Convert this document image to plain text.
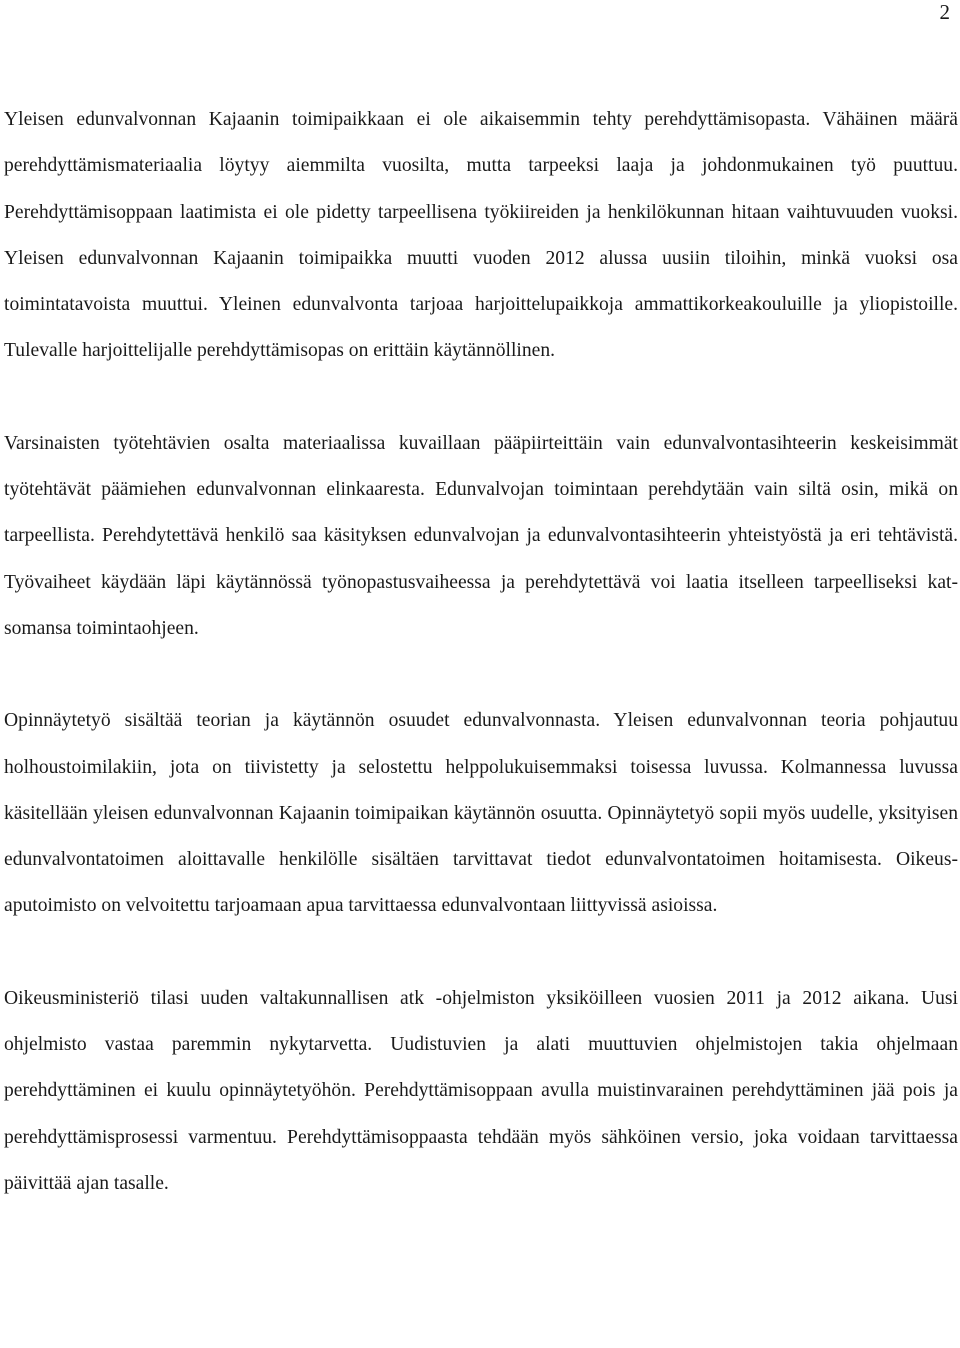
2

Yleisen edunvalvonnan Kajaanin toimipaikkaan ei ole aikaisemmin tehty perehdyttämisopasta. Vähäinen määrä perehdyttämismateriaalia löytyy aiemmilta vuosilta, mutta tarpeeksi laaja ja johdonmukainen työ puuttuu. Perehdyttämisoppaan laatimista ei ole pidetty tarpeellisena työkiireiden ja henkilökunnan hitaan vaihtuvuuden vuoksi. Yleisen edunvalvonnan Kajaanin toimipaikka muutti vuoden 2012 alussa uusiin tiloihin, minkä vuoksi osa toimintatavoista muuttui. Yleinen edunvalvonta tarjoaa harjoittelupaikkoja ammattikorkeakouluille ja yliopistoille. Tulevalle harjoittelijalle perehdyttämisopas on erittäin käytännöllinen.

Varsinaisten työtehtävien osalta materiaalissa kuvaillaan pääpiirteittäin vain edunvalvontasihteerin keskeisimmät työtehtävät päämiehen edunvalvonnan elinkaaresta. Edunvalvojan toimintaan perehdytään vain siltä osin, mikä on tarpeellista. Perehdytettävä henkilö saa käsityksen edunvalvojan ja edunvalvontasihteerin yhteistyöstä ja eri tehtävistä. Työvaiheet käydään läpi käytännössä työnopastusvaiheessa ja perehdytettävä voi laatia itselleen tarpeelliseksi katsomansa toimintaohjeen.

Opinnäytetyö sisältää teorian ja käytännön osuudet edunvalvonnasta. Yleisen edunvalvonnan teoria pohjautuu holhoustoimilakiin, jota on tiivistetty ja selostettu helppolukuisemmaksi toisessa luvussa. Kolmannessa luvussa käsitellään yleisen edunvalvonnan Kajaanin toimipaikan käytännön osuutta. Opinnäytetyö sopii myös uudelle, yksityisen edunvalvontatoimen aloittavalle henkilölle sisältäen tarvittavat tiedot edunvalvontatoimen hoitamisesta. Oikeusaputoimisto on velvoitettu tarjoamaan apua tarvittaessa edunvalvontaan liittyvissä asioissa.

Oikeusministeriö tilasi uuden valtakunnallisen atk -ohjelmiston yksiköilleen vuosien 2011 ja 2012 aikana. Uusi ohjelmisto vastaa paremmin nykytarvetta. Uudistuvien ja alati muuttuvien ohjelmistojen takia ohjelmaan perehdyttäminen ei kuulu opinnäytetyöhön. Perehdyttämisoppaan avulla muistinvarainen perehdyttäminen jää pois ja perehdyttämisprosessi varmentuu. Perehdyttämisoppaasta tehdään myös sähköinen versio, joka voidaan tarvittaessa päivittää ajan tasalle.
